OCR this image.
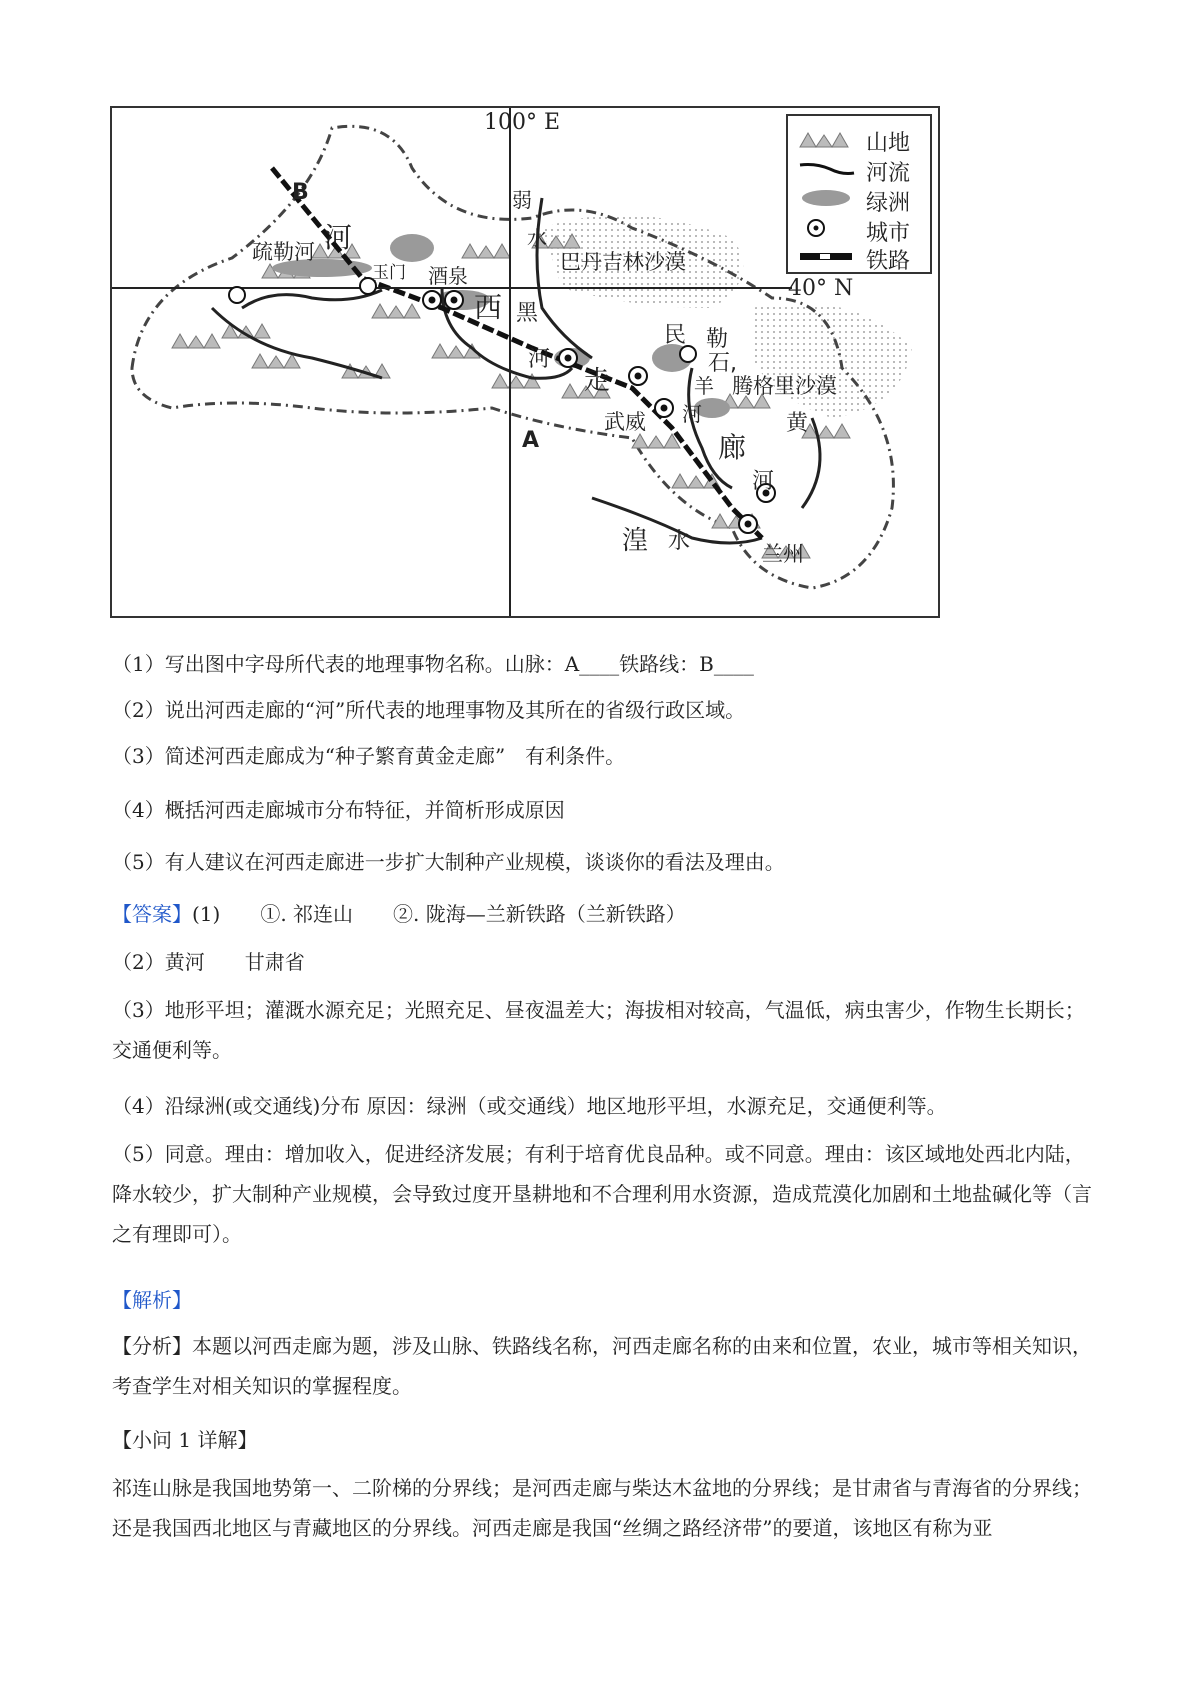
100° E
40° N
B
A
疏勒河 河
玉门 酒泉
西
弱
水
巴丹吉林沙漠
黑
河
走
民 勒
石,
羊
河
腾格里沙漠
武威
廊
黄
河
湟 水	兰州
山地
河流
绿洲
城市
铁路
（1）写出图中字母所代表的地理事物名称。山脉：A____铁路线：B____
（2）说出河西走廊的“河”所代表的地理事物及其所在的省级行政区域。
（3）简述河西走廊成为“种子繁育黄金走廊”　有利条件。
（4）概括河西走廊城市分布特征，并简析形成原因
（5）有人建议在河西走廊进一步扩大制种产业规模，谈谈你的看法及理由。
【答案】(1)　　①. 祁连山　　②. 陇海—兰新铁路（兰新铁路）
（2）黄河　　甘肃省
（3）地形平坦；灌溉水源充足；光照充足、昼夜温差大；海拔相对较高，气温低，病虫害少，作物生长期长；交通便利等。
（4）沿绿洲(或交通线)分布 原因：绿洲（或交通线）地区地形平坦，水源充足，交通便利等。
（5）同意。理由：增加收入，促进经济发展；有利于培育优良品种。或不同意。理由：该区域地处西北内陆，降水较少，扩大制种产业规模，会导致过度开垦耕地和不合理利用水资源，造成荒漠化加剧和土地盐碱化等（言之有理即可）。
【解析】
【分析】本题以河西走廊为题，涉及山脉、铁路线名称，河西走廊名称的由来和位置，农业，城市等相关知识，考查学生对相关知识的掌握程度。
【小问 1 详解】
祁连山脉是我国地势第一、二阶梯的分界线；是河西走廊与柴达木盆地的分界线；是甘肃省与青海省的分界线；还是我国西北地区与青藏地区的分界线。河西走廊是我国“丝绸之路经济带”的要道，该地区有称为亚
